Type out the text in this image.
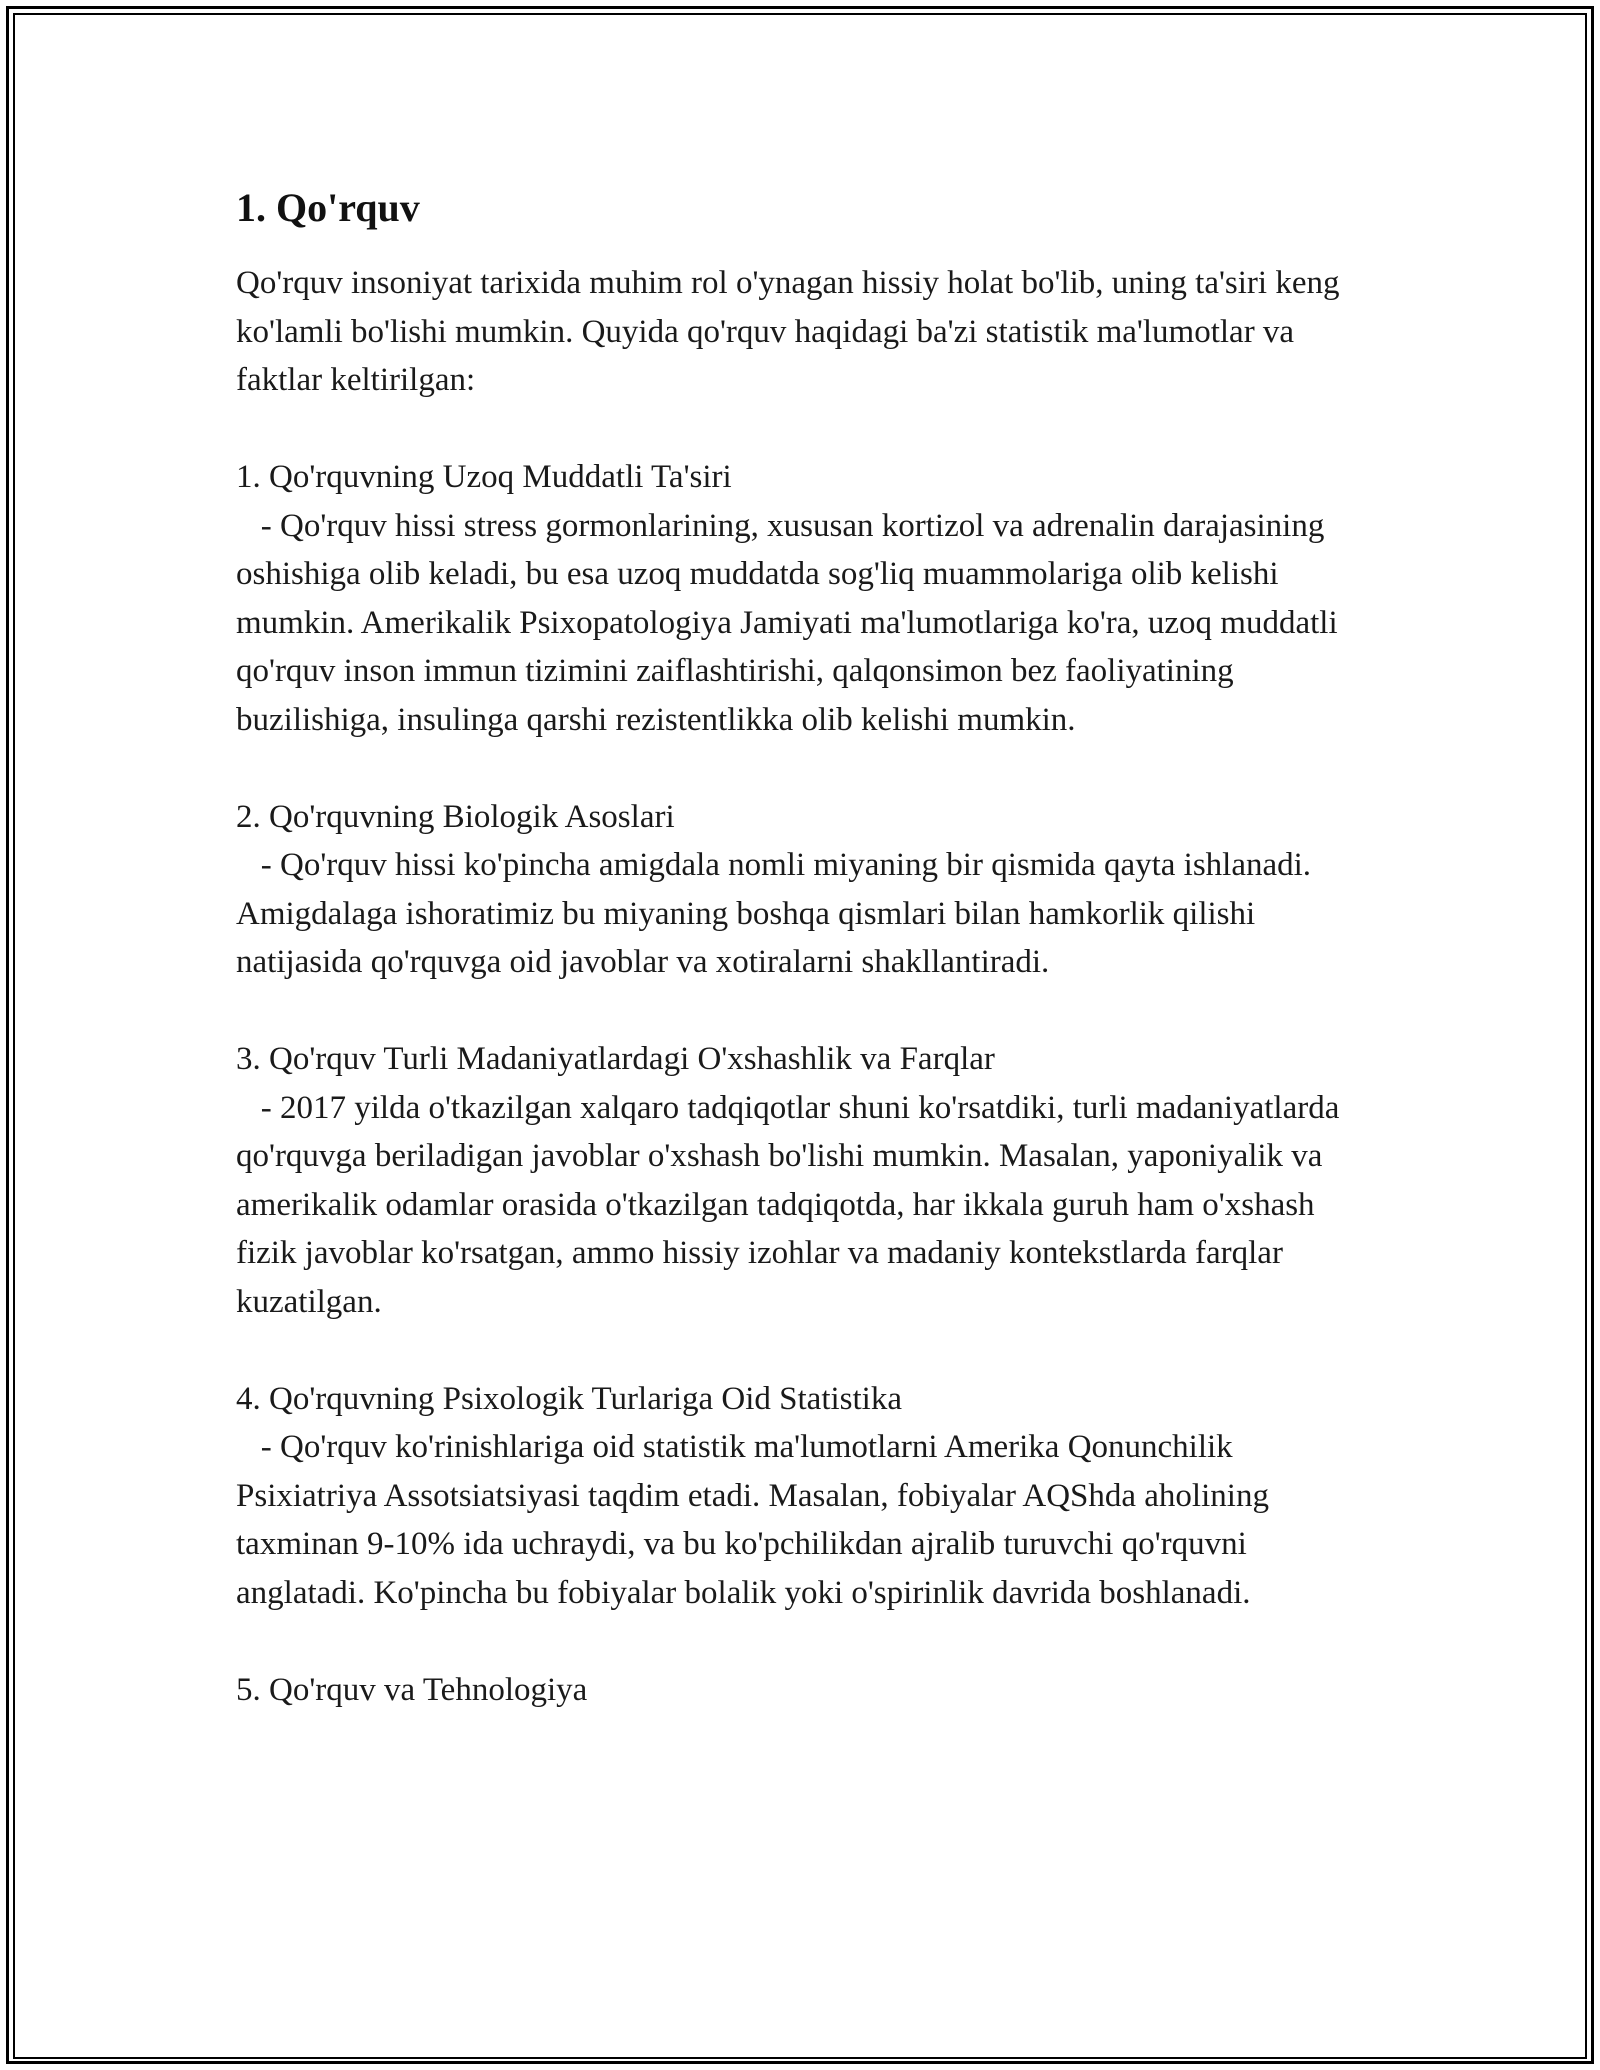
1. Qo'rquv

Qo'rquv insoniyat tarixida muhim rol o'ynagan hissiy holat bo'lib, uning ta'siri keng ko'lamli bo'lishi mumkin. Quyida qo'rquv haqidagi ba'zi statistik ma'lumotlar va faktlar keltirilgan:

1. Qo'rquvning Uzoq Muddatli Ta'siri

- Qo'rquv hissi stress gormonlarining, xususan kortizol va adrenalin darajasining oshishiga olib keladi, bu esa uzoq muddatda sog'liq muammolariga olib kelishi mumkin. Amerikalik Psixopatologiya Jamiyati ma'lumotlariga ko'ra, uzoq muddatli qo'rquv inson immun tizimini zaiflashtirishi, qalqonsimon bez faoliyatining buzilishiga, insulinga qarshi rezistentlikka olib kelishi mumkin.

2. Qo'rquvning Biologik Asoslari

- Qo'rquv hissi ko'pincha amigdala nomli miyaning bir qismida qayta ishlanadi. Amigdalaga ishoratimiz bu miyaning boshqa qismlari bilan hamkorlik qilishi natijasida qo'rquvga oid javoblar va xotiralarni shakllantiradi.

3. Qo'rquv Turli Madaniyatlardagi O'xshashlik va Farqlar

- 2017 yilda o'tkazilgan xalqaro tadqiqotlar shuni ko'rsatdiki, turli madaniyatlarda qo'rquvga beriladigan javoblar o'xshash bo'lishi mumkin. Masalan, yaponiyalik va amerikalik odamlar orasida o'tkazilgan tadqiqotda, har ikkala guruh ham o'xshash fizik javoblar ko'rsatgan, ammo hissiy izohlar va madaniy kontekstlarda farqlar kuzatilgan.

4. Qo'rquvning Psixologik Turlariga Oid Statistika

- Qo'rquv ko'rinishlariga oid statistik ma'lumotlarni Amerika Qonunchilik Psixiatriya Assotsiatsiyasi taqdim etadi. Masalan, fobiyalar AQShda aholining taxminan 9-10% ida uchraydi, va bu ko'pchilikdan ajralib turuvchi qo'rquvni anglatadi. Ko'pincha bu fobiyalar bolalik yoki o'spirinlik davrida boshlanadi.

5. Qo'rquv va Tehnologiya
